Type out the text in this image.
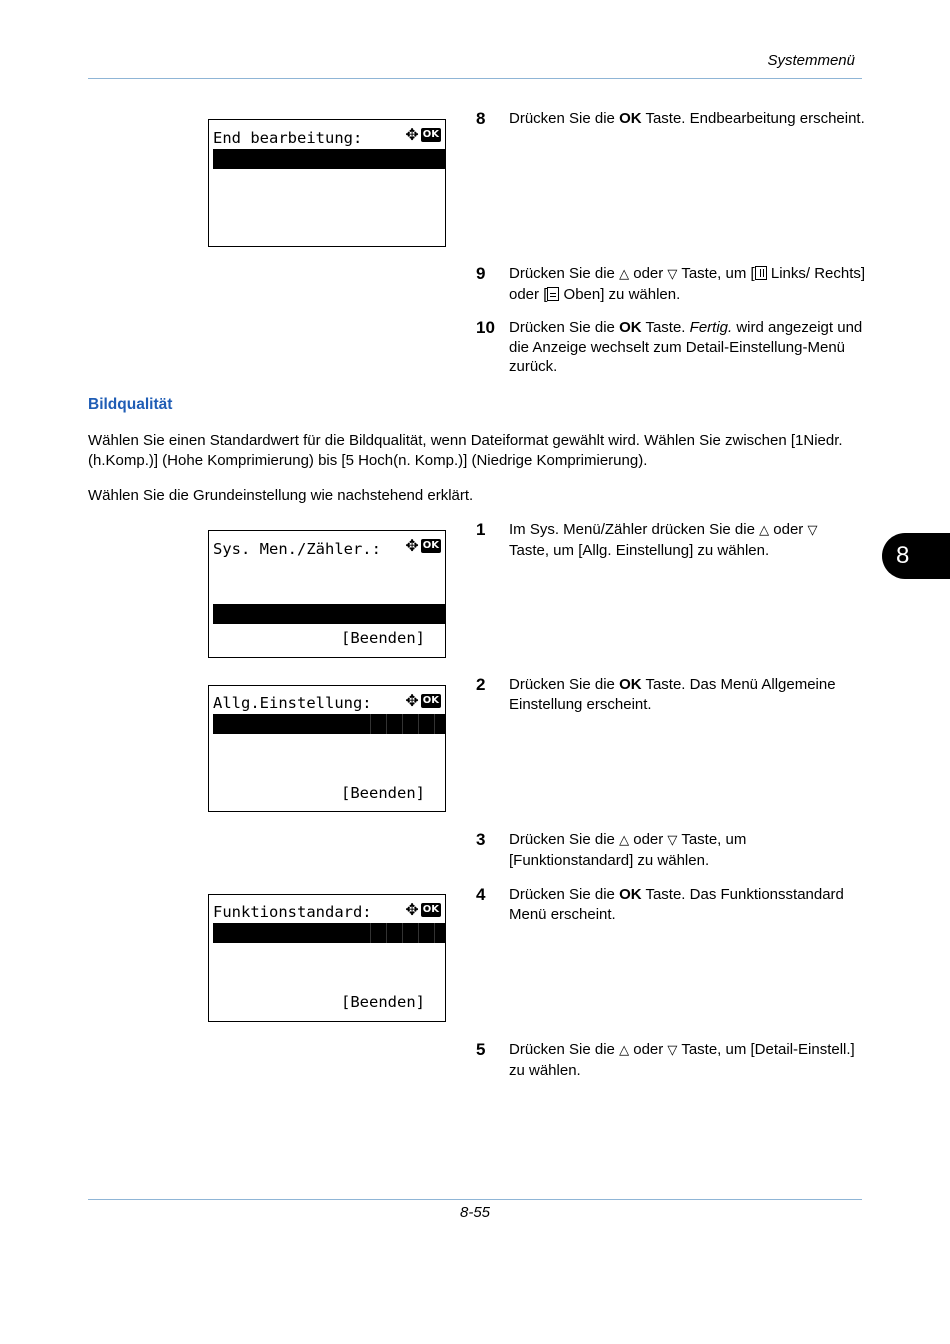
Systemmenü
End bearbeitung:	✥ OK

8	Drücken Sie die OK Taste. Endbearbeitung erscheint.
9	Drücken Sie die △ oder ▽ Taste, um [ Links/ Rechts] oder [ Oben] zu wählen.
10 Drücken Sie die OK Taste. Fertig. wird angezeigt und die Anzeige wechselt zum Detail-Einstellung-Menü zurück.
Bildqualität
Wählen Sie einen Standardwert für die Bildqualität, wenn Dateiformat gewählt wird. Wählen Sie zwischen [1Niedr.(h.Komp.)] (Hohe Komprimierung) bis [5 Hoch(n. Komp.)] (Niedrige Komprimierung).
Wählen Sie die Grundeinstellung wie nachstehend erklärt.
8
Sys. Men./Zähler.:	✥ OK

[Beenden]
1	Im Sys. Menü/Zähler drücken Sie die △ oder ▽ Taste, um [Allg. Einstellung] zu wählen.
Allg.Einstellung:	✥ OK

[Beenden]
2	Drücken Sie die OK Taste. Das Menü Allgemeine Einstellung erscheint.
3	Drücken Sie die △ oder ▽ Taste, um [Funktionstandard] zu wählen.
4	Drücken Sie die OK Taste. Das Funktionsstandard Menü erscheint.
Funktionstandard:	✥ OK

[Beenden]
5	Drücken Sie die △ oder ▽ Taste, um [Detail-Einstell.] zu wählen.
8-55
